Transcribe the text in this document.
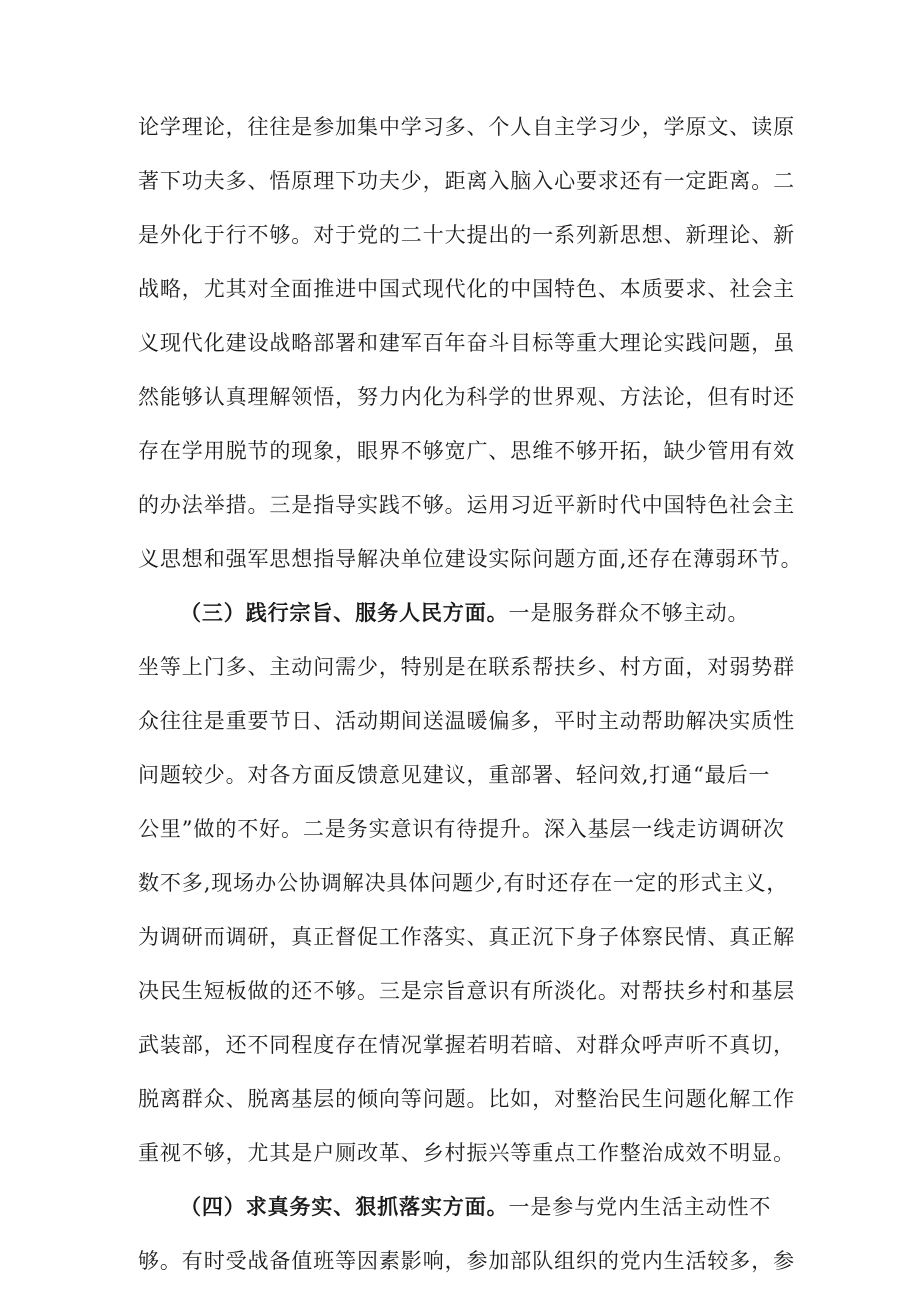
论学理论，往往是参加集中学习多、个人自主学习少，学原文、读原
著下功夫多、悟原理下功夫少，距离入脑入心要求还有一定距离。二
是外化于行不够。对于党的二十大提出的一系列新思想、新理论、新
战略，尤其对全面推进中国式现代化的中国特色、本质要求、社会主
义现代化建设战略部署和建军百年奋斗目标等重大理论实践问题，虽
然能够认真理解领悟，努力内化为科学的世界观、方法论，但有时还
存在学用脱节的现象，眼界不够宽广、思维不够开拓，缺少管用有效
的办法举措。三是指导实践不够。运用习近平新时代中国特色社会主
义思想和强军思想指导解决单位建设实际问题方面,还存在薄弱环节。
（三）践行宗旨、服务人民方面。一是服务群众不够主动。
坐等上门多、主动问需少，特别是在联系帮扶乡、村方面，对弱势群
众往往是重要节日、活动期间送温暖偏多，平时主动帮助解决实质性
问题较少。对各方面反馈意见建议，重部署、轻问效,打通“最后一
公里”做的不好。二是务实意识有待提升。深入基层一线走访调研次
数不多,现场办公协调解决具体问题少,有时还存在一定的形式主义，
为调研而调研，真正督促工作落实、真正沉下身子体察民情、真正解
决民生短板做的还不够。三是宗旨意识有所淡化。对帮扶乡村和基层
武装部，还不同程度存在情况掌握若明若暗、对群众呼声听不真切，
脱离群众、脱离基层的倾向等问题。比如，对整治民生问题化解工作
重视不够，尤其是户厕改革、乡村振兴等重点工作整治成效不明显。
（四）求真务实、狠抓落实方面。一是参与党内生活主动性不
够。有时受战备值班等因素影响，参加部队组织的党内生活较多，参
